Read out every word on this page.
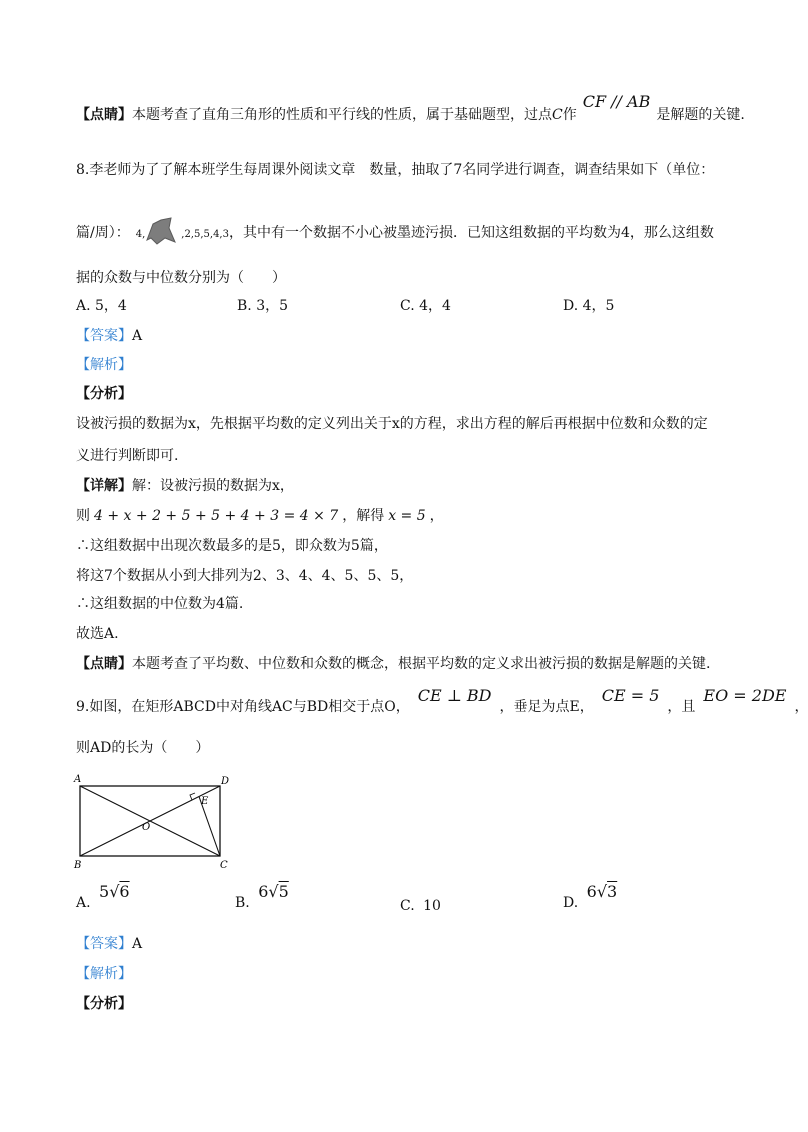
【点睛】本题考查了直角三角形的性质和平行线的性质，属于基础题型，过点C作CF // AB是解题的关键.
8.李老师为了了解本班学生每周课外阅读文章　数量，抽取了7名同学进行调查，调查结果如下（单位：
篇/周）： 4,	,2,5,5,4,3，其中有一个数据不小心被墨迹污损．已知这组数据的平均数为4，那么这组数
据的众数与中位数分别为（　　）
A. 5，4	B. 3，5	C. 4，4	D. 4，5
【答案】A
【解析】
【分析】
设被污损的数据为x，先根据平均数的定义列出关于x的方程，求出方程的解后再根据中位数和众数的定
义进行判断即可.
【详解】解：设被污损的数据为x，
则 4 + x + 2 + 5 + 5 + 4 + 3 = 4 × 7 ，解得 x = 5 ，
∴这组数据中出现次数最多的是5，即众数为5篇，
将这7个数据从小到大排列为2、3、4、4、5、5、5，
∴这组数据的中位数为4篇.
故选A.
【点睛】本题考查了平均数、中位数和众数的概念，根据平均数的定义求出被污损的数据是解题的关键.
9.如图，在矩形ABCD中对角线AC与BD相交于点O，CE ⊥ BD，垂足为点E，CE = 5，且EO = 2DE，
则AD的长为（　　）
A	D
B	C
E
O
A. 5√6
B. 6√5
C. 10	D. 6√3
【答案】A
【解析】
【分析】
